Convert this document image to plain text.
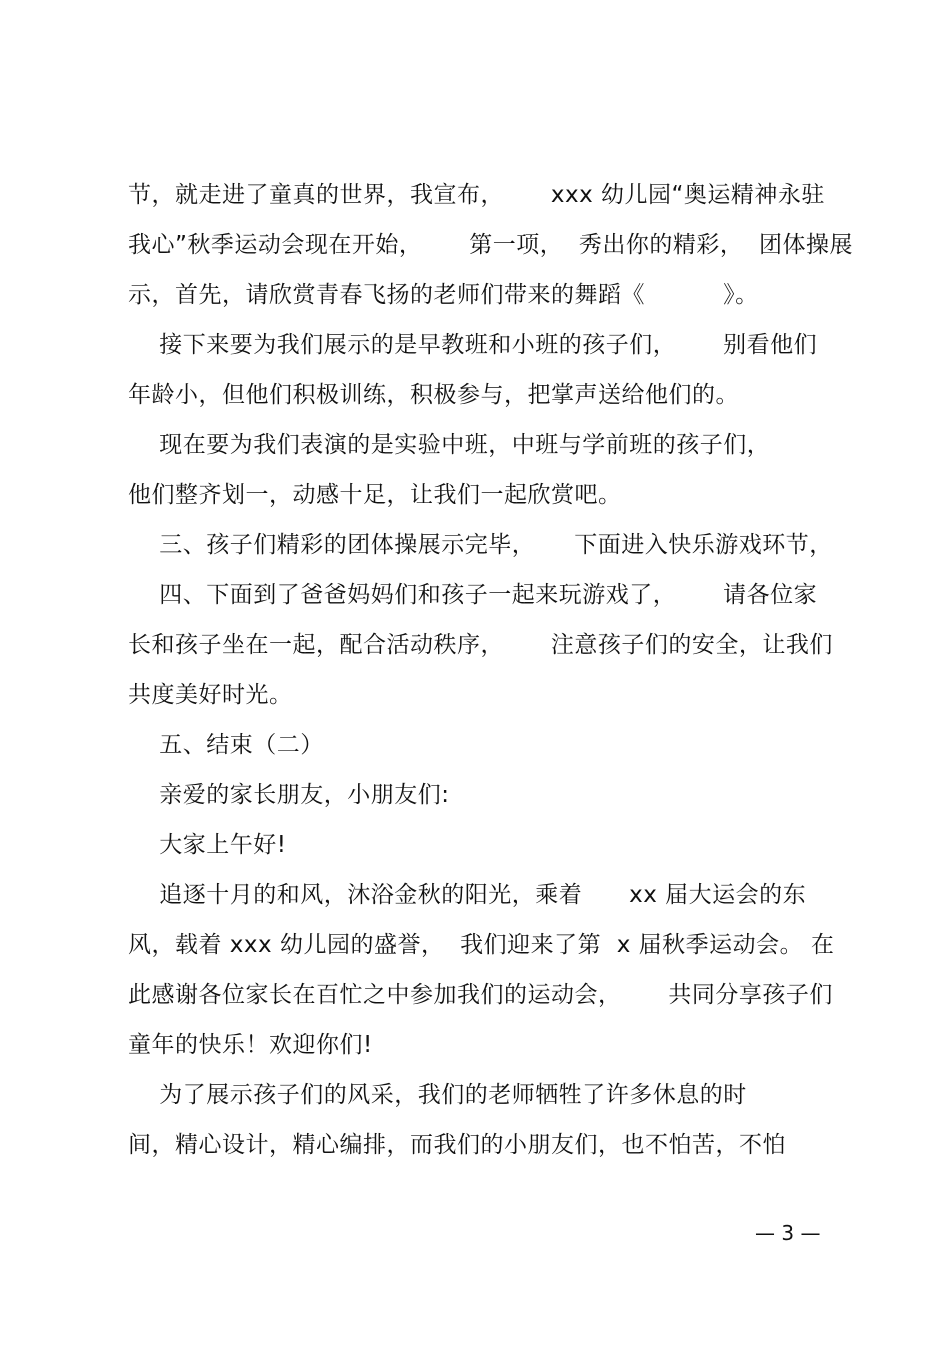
节，就走进了童真的世界，我宣布，      xxx 幼儿园“奥运精神永驻
我心”秋季运动会现在开始，      第一项，  秀出你的精彩，  团体操展
示，首先，请欣赏青春飞扬的老师们带来的舞蹈《          》。
接下来要为我们展示的是早教班和小班的孩子们，      别看他们
年龄小，但他们积极训练，积极参与，把掌声送给他们的。
现在要为我们表演的是实验中班，中班与学前班的孩子们，
他们整齐划一，动感十足，让我们一起欣赏吧。
三、孩子们精彩的团体操展示完毕，     下面进入快乐游戏环节，
四、下面到了爸爸妈妈们和孩子一起来玩游戏了，      请各位家
长和孩子坐在一起，配合活动秩序，      注意孩子们的安全，让我们
共度美好时光。
五、结束（二）
亲爱的家长朋友，小朋友们:
大家上午好!
追逐十月的和风，沐浴金秋的阳光，乘着      xx 届大运会的东
风，载着 xxx 幼儿园的盛誉，  我们迎来了第  x 届秋季运动会。 在
此感谢各位家长在百忙之中参加我们的运动会，      共同分享孩子们
童年的快乐！欢迎你们!
为了展示孩子们的风采，我们的老师牺牲了许多休息的时
间，精心设计，精心编排，而我们的小朋友们，也不怕苦，不怕
— 3 —
